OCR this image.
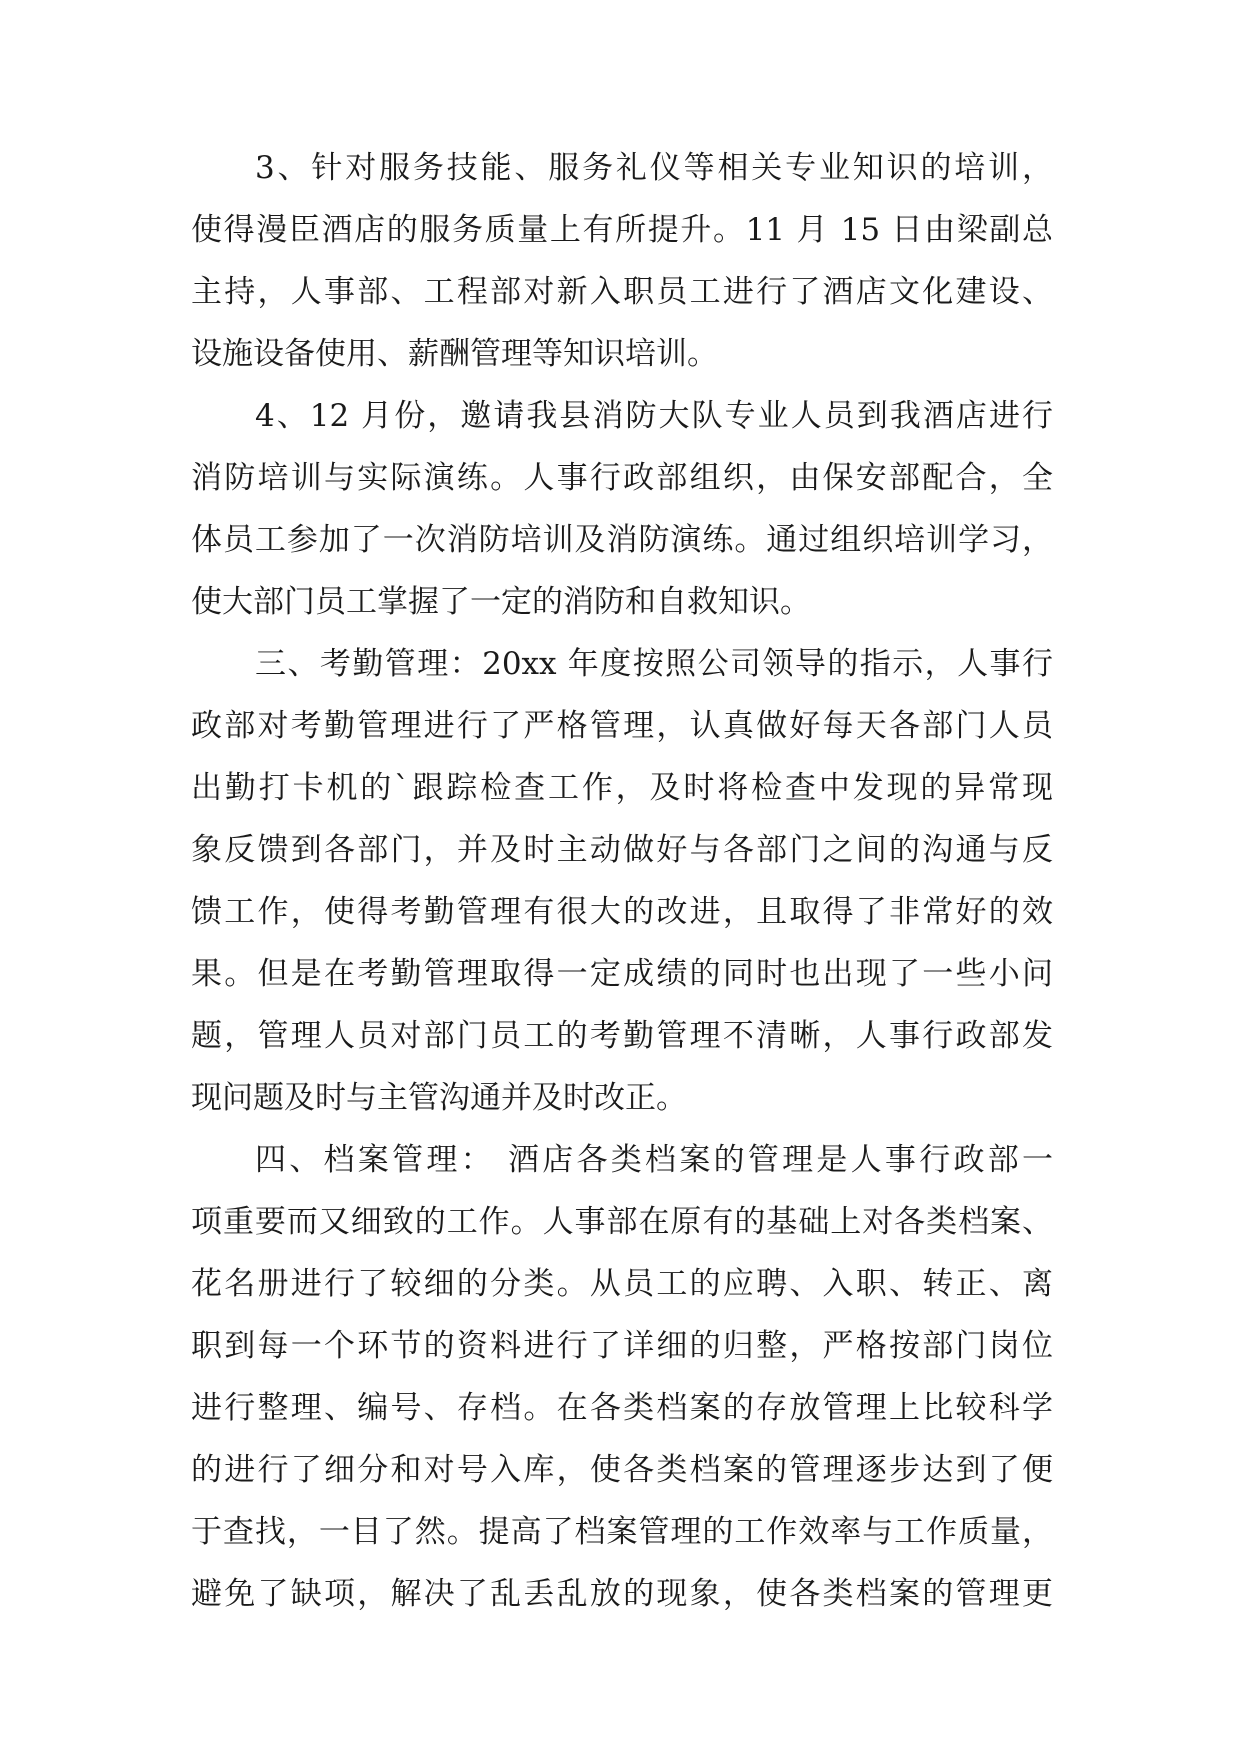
3、针对服务技能、服务礼仪等相关专业知识的培训，
使得漫臣酒店的服务质量上有所提升。11 月 15 日由梁副总
主持，人事部、工程部对新入职员工进行了酒店文化建设、
设施设备使用、薪酬管理等知识培训。
4、12 月份，邀请我县消防大队专业人员到我酒店进行
消防培训与实际演练。人事行政部组织，由保安部配合，全
体员工参加了一次消防培训及消防演练。通过组织培训学习，
使大部门员工掌握了一定的消防和自救知识。
三、考勤管理：20xx 年度按照公司领导的指示，人事行
政部对考勤管理进行了严格管理，认真做好每天各部门人员
出勤打卡机的`跟踪检查工作，及时将检查中发现的异常现
象反馈到各部门，并及时主动做好与各部门之间的沟通与反
馈工作，使得考勤管理有很大的改进，且取得了非常好的效
果。但是在考勤管理取得一定成绩的同时也出现了一些小问
题，管理人员对部门员工的考勤管理不清晰，人事行政部发
现问题及时与主管沟通并及时改正。
四、档案管理： 酒店各类档案的管理是人事行政部一
项重要而又细致的工作。人事部在原有的基础上对各类档案、
花名册进行了较细的分类。从员工的应聘、入职、转正、离
职到每一个环节的资料进行了详细的归整，严格按部门岗位
进行整理、编号、存档。在各类档案的存放管理上比较科学
的进行了细分和对号入库，使各类档案的管理逐步达到了便
于查找，一目了然。提高了档案管理的工作效率与工作质量，
避免了缺项，解决了乱丢乱放的现象，使各类档案的管理更
